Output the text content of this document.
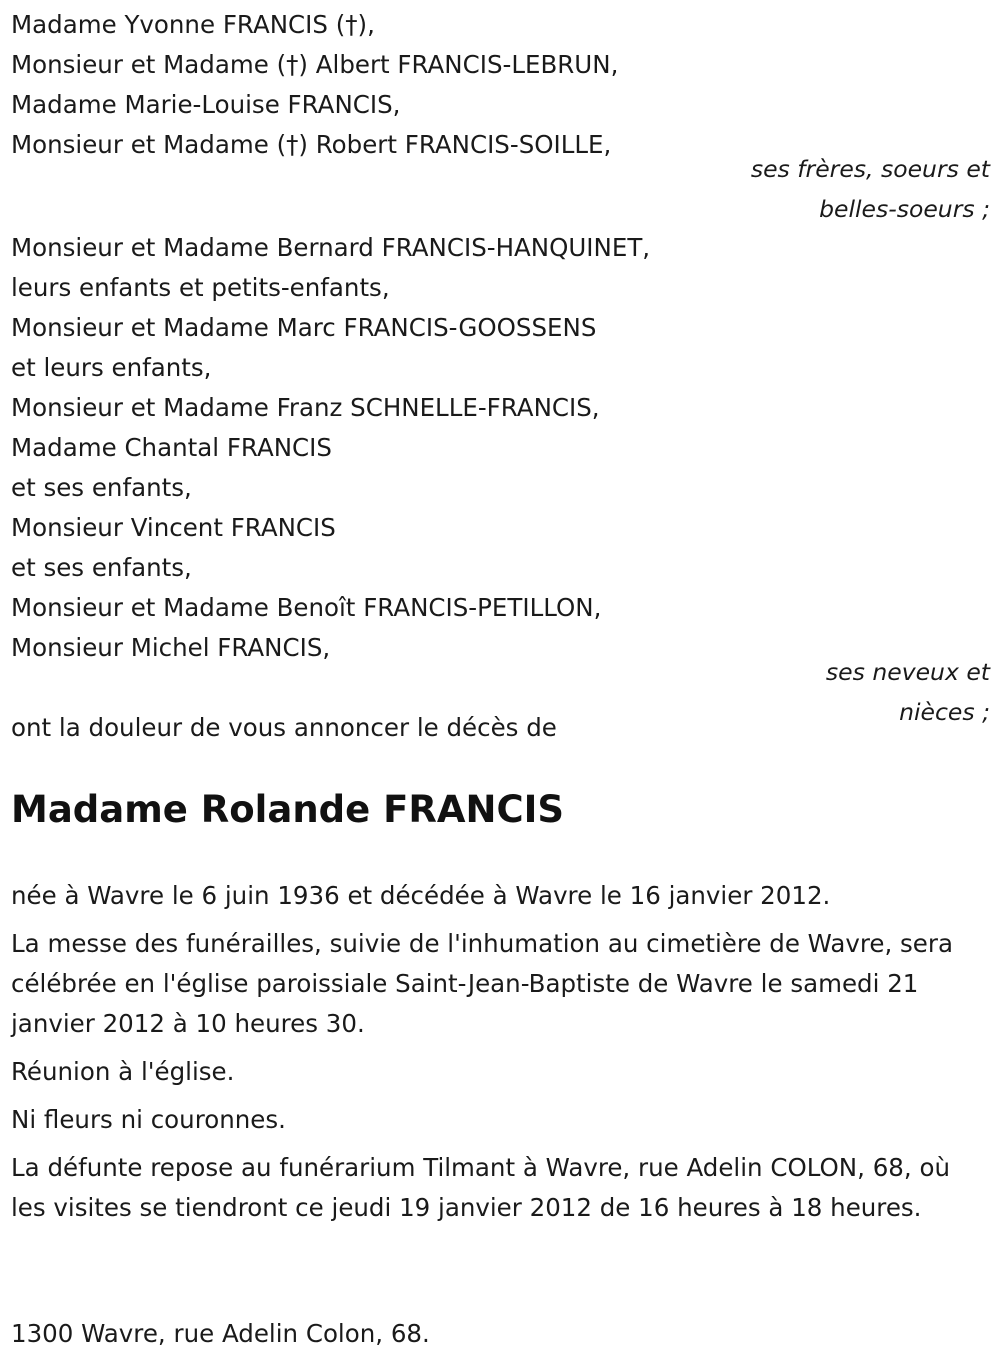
Madame Yvonne FRANCIS (†),
Monsieur et Madame (†) Albert FRANCIS-LEBRUN,
Madame Marie-Louise FRANCIS,
Monsieur et Madame (†) Robert FRANCIS-SOILLE,
ses frères, soeurs et
belles-soeurs ;
Monsieur et Madame Bernard FRANCIS-HANQUINET,
leurs enfants et petits-enfants,
Monsieur et Madame Marc FRANCIS-GOOSSENS
et leurs enfants,
Monsieur et Madame Franz SCHNELLE-FRANCIS,
Madame Chantal FRANCIS
et ses enfants,
Monsieur Vincent FRANCIS
et ses enfants,
Monsieur et Madame Benoît FRANCIS-PETILLON,
Monsieur Michel FRANCIS,
ses neveux et
nièces ;
ont la douleur de vous annoncer le décès de
Madame Rolande FRANCIS

née à Wavre le 6 juin 1936 et décédée à Wavre le 16 janvier 2012.

La messe des funérailles, suivie de l'inhumation au cimetière de Wavre, sera célébrée en l'église paroissiale Saint-Jean-Baptiste de Wavre le samedi 21 janvier 2012 à 10 heures 30.

Réunion à l'église.

Ni fleurs ni couronnes.

La défunte repose au funérarium Tilmant à Wavre, rue Adelin COLON, 68, où les visites se tiendront ce jeudi 19 janvier 2012 de 16 heures à 18 heures.

1300 Wavre, rue Adelin Colon, 68.
